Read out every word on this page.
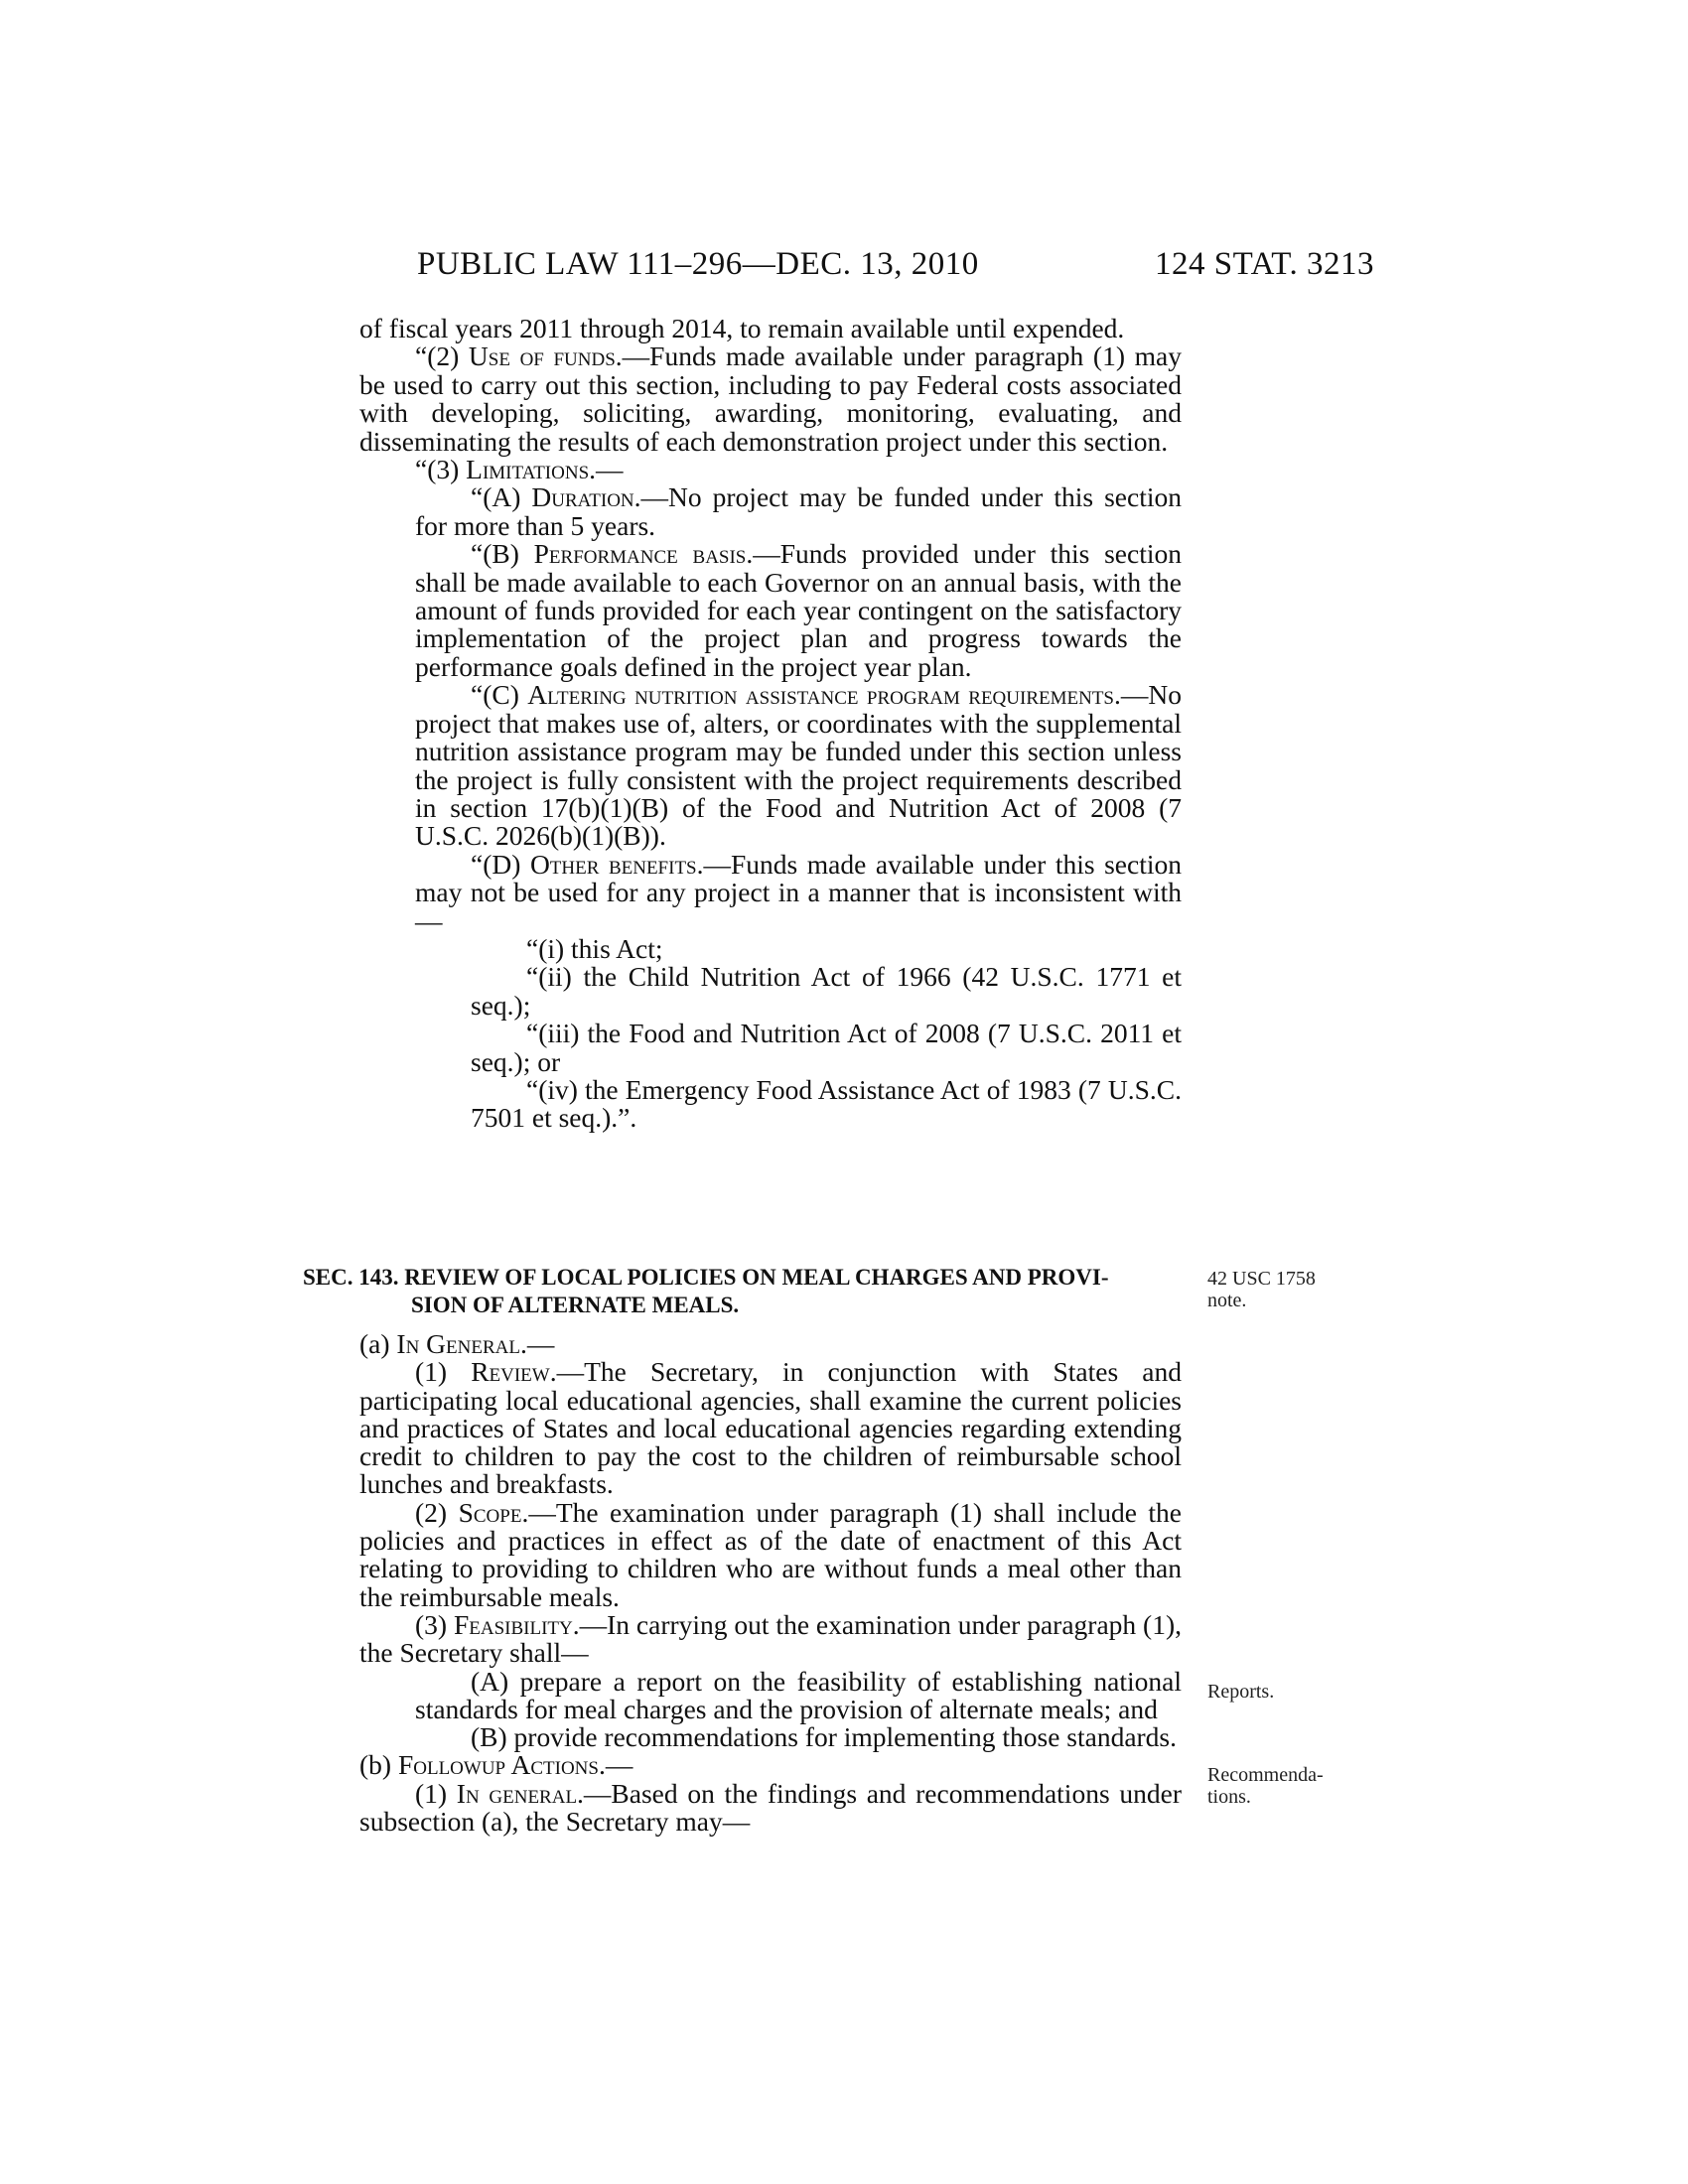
PUBLIC LAW 111–296—DEC. 13, 2010	124 STAT. 3213

of fiscal years 2011 through 2014, to remain available until expended.

“(2) Use of funds.—Funds made available under paragraph (1) may be used to carry out this section, including to pay Federal costs associated with developing, soliciting, awarding, monitoring, evaluating, and disseminating the results of each demonstration project under this section.

“(3) Limitations.—

“(A) Duration.—No project may be funded under this section for more than 5 years.

“(B) Performance basis.—Funds provided under this section shall be made available to each Governor on an annual basis, with the amount of funds provided for each year contingent on the satisfactory implementation of the project plan and progress towards the performance goals defined in the project year plan.

“(C) Altering nutrition assistance program requirements.—No project that makes use of, alters, or coordinates with the supplemental nutrition assistance program may be funded under this section unless the project is fully consistent with the project requirements described in section 17(b)(1)(B) of the Food and Nutrition Act of 2008 (7 U.S.C. 2026(b)(1)(B)).

“(D) Other benefits.—Funds made available under this section may not be used for any project in a manner that is inconsistent with—

“(i) this Act;

“(ii) the Child Nutrition Act of 1966 (42 U.S.C. 1771 et seq.);

“(iii) the Food and Nutrition Act of 2008 (7 U.S.C. 2011 et seq.); or

“(iv) the Emergency Food Assistance Act of 1983 (7 U.S.C. 7501 et seq.).”.

SEC. 143. REVIEW OF LOCAL POLICIES ON MEAL CHARGES AND PROVI-
SION OF ALTERNATE MEALS.
42 USC 1758
note.

(a) In General.—

(1) Review.—The Secretary, in conjunction with States and participating local educational agencies, shall examine the current policies and practices of States and local educational agencies regarding extending credit to children to pay the cost to the children of reimbursable school lunches and breakfasts.

(2) Scope.—The examination under paragraph (1) shall include the policies and practices in effect as of the date of enactment of this Act relating to providing to children who are without funds a meal other than the reimbursable meals.

(3) Feasibility.—In carrying out the examination under paragraph (1), the Secretary shall—

(A) prepare a report on the feasibility of establishing national standards for meal charges and the provision of alternate meals; and

(B) provide recommendations for implementing those standards.

(b) Followup Actions.—

(1) In general.—Based on the findings and recommendations under subsection (a), the Secretary may—

Reports.
Recommenda-
tions.
